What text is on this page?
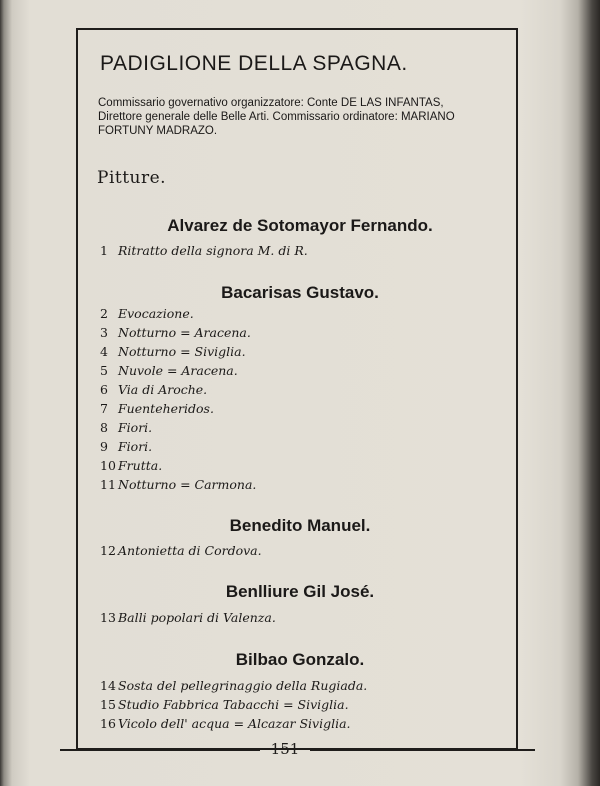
PADIGLIONE DELLA SPAGNA.
Commissario governativo organizzatore: Conte DE LAS INFANTAS,
Direttore generale delle Belle Arti. Commissario ordinatore: MARIANO
FORTUNY MADRAZO.
Pitture.
Alvarez de Sotomayor Fernando.
1 Ritratto della signora M. di R.
Bacarisas Gustavo.
2 Evocazione.
3 Notturno = Aracena.
4 Notturno = Siviglia.
5 Nuvole = Aracena.
6 Via di Aroche.
7 Fuenteheridos.
8 Fiori.
9 Fiori.
10 Frutta.
11 Notturno = Carmona.
Benedito Manuel.
12 Antonietta di Cordova.
Benlliure Gil José.
13 Balli popolari di Valenza.
Bilbao Gonzalo.
14 Sosta del pellegrinaggio della Rugiada.
15 Studio Fabbrica Tabacchi = Siviglia.
16 Vicolo dell' acqua = Alcazar Siviglia.
151
